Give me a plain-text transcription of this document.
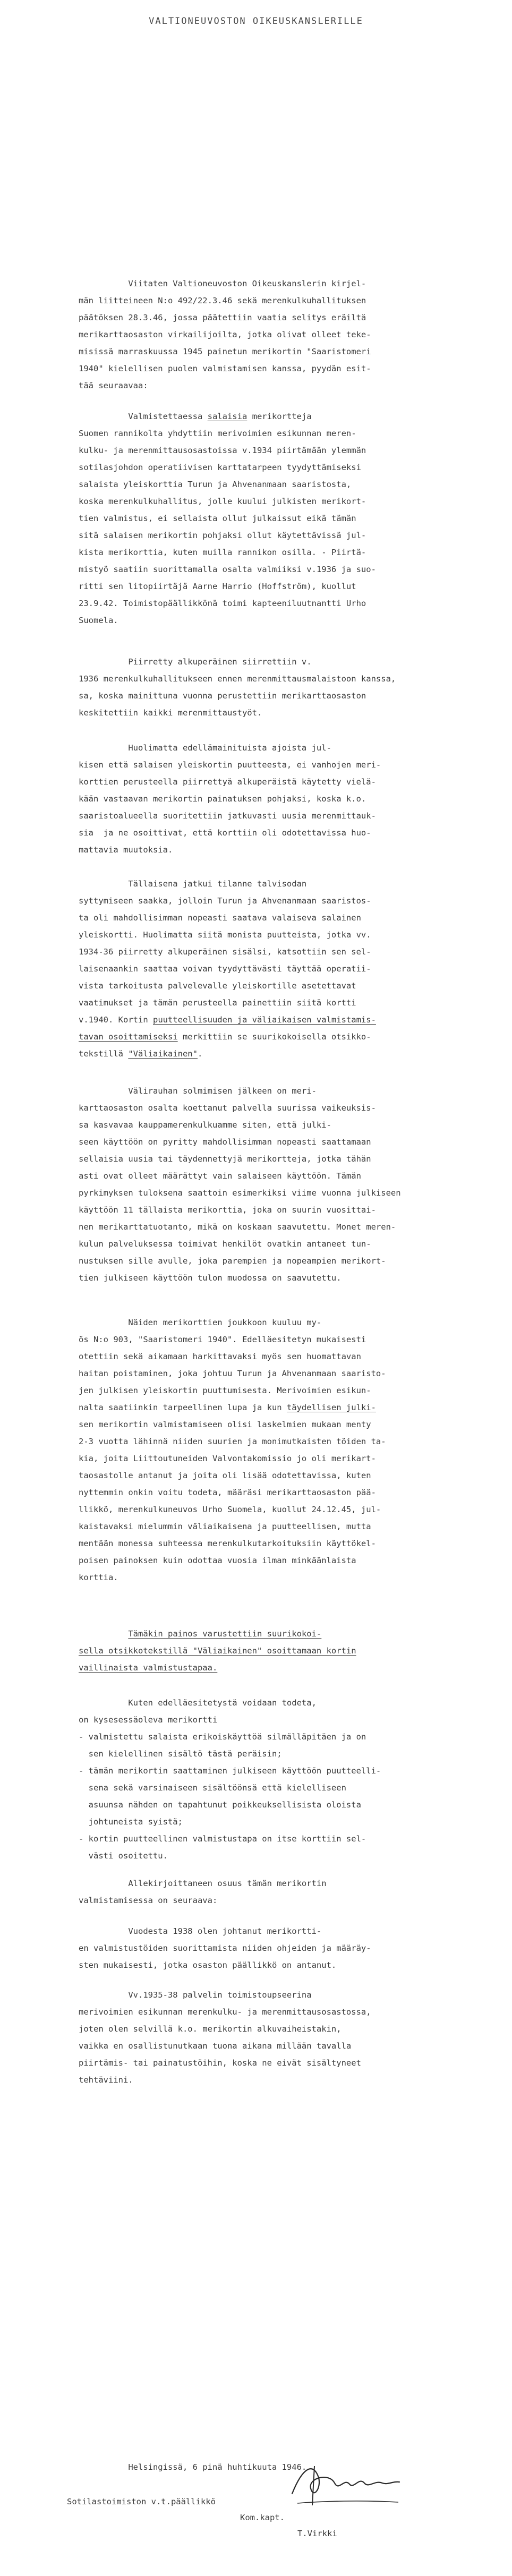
VALTIONEUVOSTON OIKEUSKANSLERILLE
Viitaten Valtioneuvoston Oikeuskanslerin kirjel-
män liitteineen N:o 492/22.3.46 sekä merenkulkuhallituksen
päätöksen 28.3.46, jossa päätettiin vaatia selitys eräiltä
merikarttaosaston virkailijoilta, jotka olivat olleet teke-
misissä marraskuussa 1945 painetun merikortin "Saaristomeri
1940" kielellisen puolen valmistamisen kanssa, pyydän esit-
tää seuraavaa:
Valmistettaessa salaisia merikortteja
Suomen rannikolta yhdyttiin merivoimien esikunnan meren-
kulku- ja merenmittausosastoissa v.1934 piirtämään ylemmän
sotilasjohdon operatiivisen karttatarpeen tyydyttämiseksi
salaista yleiskorttia Turun ja Ahvenanmaan saaristosta,
koska merenkulkuhallitus, jolle kuului julkisten merikort-
tien valmistus, ei sellaista ollut julkaissut eikä tämän
sitä salaisen merikortin pohjaksi ollut käytettävissä jul-
kista merikorttia, kuten muilla rannikon osilla. - Piirtä-
mistyö saatiin suorittamalla osalta valmiiksi v.1936 ja suo-
ritti sen litopiirtäjä Aarne Harrio (Hoffström), kuollut
23.9.42. Toimistopäällikkönä toimi kapteeniluutnantti Urho
Suomela.
Piirretty alkuperäinen siirrettiin v.
1936 merenkulkuhallitukseen ennen merenmittausmalaistoon kanssa,
sa, koska mainittuna vuonna perustettiin merikarttaosaston
keskitettiin kaikki merenmittaustyöt.
Huolimatta edellämainituista ajoista jul-
kisen että salaisen yleiskortin puutteesta, ei vanhojen meri-
korttien perusteella piirrettyä alkuperäistä käytetty vielä-
kään vastaavan merikortin painatuksen pohjaksi, koska k.o.
saaristoalueella suoritettiin jatkuvasti uusia merenmittauk-
sia  ja ne osoittivat, että korttiin oli odotettavissa huo-
mattavia muutoksia.
Tällaisena jatkui tilanne talvisodan
syttymiseen saakka, jolloin Turun ja Ahvenanmaan saaristos-
ta oli mahdollisimman nopeasti saatava valaiseva salainen
yleiskortti. Huolimatta siitä monista puutteista, jotka vv.
1934-36 piirretty alkuperäinen sisälsi, katsottiin sen sel-
laisenaankin saattaa voivan tyydyttävästi täyttää operatii-
vista tarkoitusta palvelevalle yleiskortille asetettavat
vaatimukset ja tämän perusteella painettiin siitä kortti
v.1940. Kortin puutteellisuuden ja väliaikaisen valmistamis-
tavan osoittamiseksi merkittiin se suurikokoisella otsikko-
tekstillä "Väliaikainen".
Välirauhan solmimisen jälkeen on meri-
karttaosaston osalta koettanut palvella suurissa vaikeuksis-
sa kasvavaa kauppamerenkulkuamme siten, että julki-
seen käyttöön on pyritty mahdollisimman nopeasti saattamaan
sellaisia uusia tai täydennettyjä merikortteja, jotka tähän
asti ovat olleet määrättyt vain salaiseen käyttöön. Tämän
pyrkimyksen tuloksena saattoin esimerkiksi viime vuonna julkiseen
käyttöön 11 tällaista merikorttia, joka on suurin vuosittai-
nen merikarttatuotanto, mikä on koskaan saavutettu. Monet meren-
kulun palveluksessa toimivat henkilöt ovatkin antaneet tun-
nustuksen sille avulle, joka parempien ja nopeampien merikort-
tien julkiseen käyttöön tulon muodossa on saavutettu.
Näiden merikorttien joukkoon kuuluu my-
ös N:o 903, "Saaristomeri 1940". Edelläesitetyn mukaisesti
otettiin sekä aikamaan harkittavaksi myös sen huomattavan
haitan poistaminen, joka johtuu Turun ja Ahvenanmaan saaristo-
jen julkisen yleiskortin puuttumisesta. Merivoimien esikun-
nalta saatiinkin tarpeellinen lupa ja kun täydellisen julki-
sen merikortin valmistamiseen olisi laskelmien mukaan menty
2-3 vuotta lähinnä niiden suurien ja monimutkaisten töiden ta-
kia, joita Liittoutuneiden Valvontakomissio jo oli merikart-
taosastolle antanut ja joita oli lisää odotettavissa, kuten
nyttemmin onkin voitu todeta, määräsi merikarttaosaston pää-
llikkö, merenkulkuneuvos Urho Suomela, kuollut 24.12.45, jul-
kaistavaksi mielummin väliaikaisena ja puutteellisen, mutta
mentään monessa suhteessa merenkulkutarkoituksiin käyttökel-
poisen painoksen kuin odottaa vuosia ilman minkäänlaista
korttia.
Tämäkin painos varustettiin suurikokoi-
sella otsikkotekstillä "Väliaikainen" osoittamaan kortin
vaillinaista valmistustapaa.
Kuten edelläesitetystä voidaan todeta,
on kysesessäoleva merikortti
- valmistettu salaista erikoiskäyttöä silmälläpitäen ja on
sen kielellinen sisältö tästä peräisin;
- tämän merikortin saattaminen julkiseen käyttöön puutteelli-
sena sekä varsinaiseen sisältöönsä että kielelliseen
asuunsa nähden on tapahtunut poikkeuksellisista oloista
johtuneista syistä;
- kortin puutteellinen valmistustapa on itse korttiin sel-
västi osoitettu.
Allekirjoittaneen osuus tämän merikortin
valmistamisessa on seuraava:
Vuodesta 1938 olen johtanut merikortti-
en valmistustöiden suorittamista niiden ohjeiden ja määräy-
sten mukaisesti, jotka osaston päällikkö on antanut.
Vv.1935-38 palvelin toimistoupseerina
merivoimien esikunnan merenkulku- ja merenmittausosastossa,
joten olen selvillä k.o. merikortin alkuvaiheistakin,
vaikka en osallistunutkaan tuona aikana millään tavalla
piirtämis- tai painatustöihin, koska ne eivät sisältyneet
tehtäviini.

Helsingissä, 6 pinä huhtikuuta 1946.

Sotilastoimiston v.t.päällikkö

Kom.kapt.

T.Virkki
